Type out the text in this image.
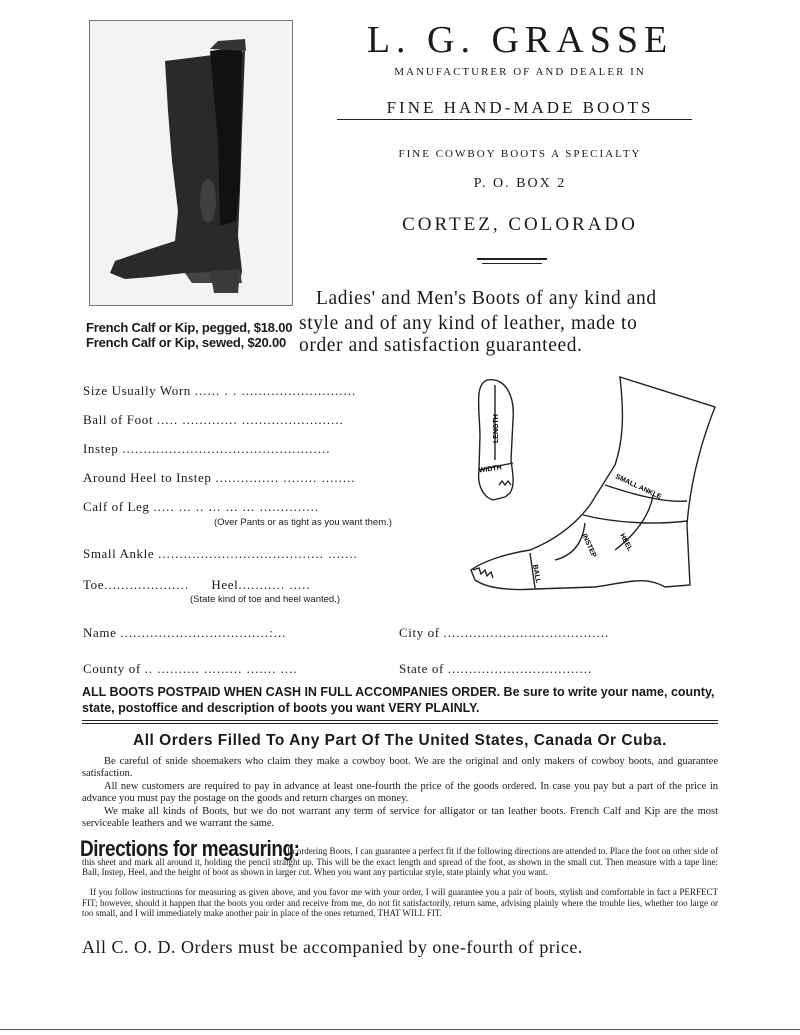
L. G. GRASSE
MANUFACTURER OF AND DEALER IN
FINE HAND-MADE BOOTS
FINE COWBOY BOOTS A SPECIALTY
P. O. BOX 2
CORTEZ, COLORADO
French Calf or Kip, pegged, $18.00
French Calf or Kip, sewed, $20.00
Ladies' and Men's Boots of any kind and
style and of any kind of leather, made to
order and satisfaction guaranteed.
Size Usually Worn ...... . . ...........................
Ball of Foot ..... ............. ........................
Instep .................................................
Around Heel to Instep ............... ........ ........
Calf of Leg ..... ... .. ... ... ... ..............
(Over Pants or as tight as you want them.)
Small Ankle ....................................... .......
Toe.................... Heel........... .....
(State kind of toe and heel wanted.)
Name ...................................:...	City of .......................................
County of .. .......... ......... ....... ....	State of ..................................
LENGTH
WIDTH
SMALL ANKLE
HEEL
INSTEP
BALL
ALL BOOTS POSTPAID WHEN CASH IN FULL ACCOMPANIES ORDER. Be sure to write your name, county, state, postoffice and description of boots you want VERY PLAINLY.
All Orders Filled To Any Part Of The United States, Canada Or Cuba.
Be careful of snide shoemakers who claim they make a cowboy boot. We are the original and only makers of cowboy boots, and guarantee satisfaction.
All new customers are required to pay in advance at least one-fourth the price of the goods ordered. In case you pay but a part of the price in advance you must pay the postage on the goods and return charges on money.
We make all kinds of Boots, but we do not warrant any term of service for alligator or tan leather boots. French Calf and Kip are the most serviceable leathers and we warrant the same.
Directions for measuring:
In ordering Boots, I can guarantee a perfect fit if the following directions are attended to. Place the foot on other side of this sheet and mark all around it, holding the pencil straight up. This will be the exact length and spread of the foot, as shown in the small cut. Then measure with a tape line: Ball, Instep, Heel, and the height of boot as shown in larger cut. When you want any particular style, state plainly what you want.
If you follow instructions for measuring as given above, and you favor me with your order, I will guarantee you a pair of boots, stylish and comfortable in fact a PERFECT FIT; however, should it happen that the boots you order and receive from me, do not fit satisfactorily, return same, advising plainly where the trouble lies, whether too large or too small, and I will immediately make another pair in place of the ones returned, THAT WILL FIT.
All C. O. D. Orders must be accompanied by one-fourth of price.
